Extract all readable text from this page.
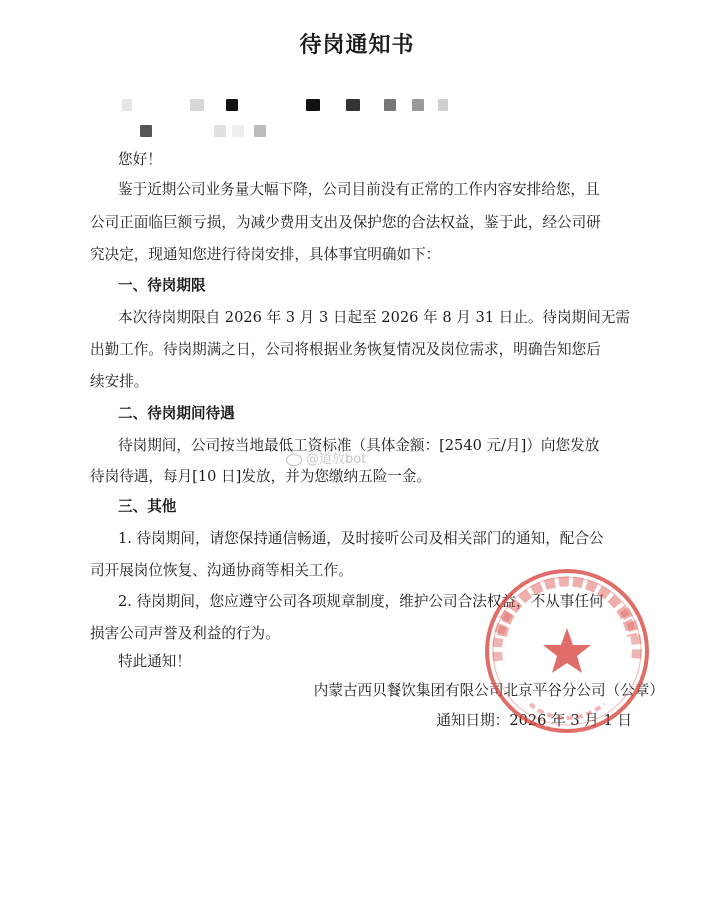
待岗通知书
您好！
鉴于近期公司业务量大幅下降，公司目前没有正常的工作内容安排给您，且
公司正面临巨额亏损，为减少费用支出及保护您的合法权益，鉴于此，经公司研
究决定，现通知您进行待岗安排，具体事宜明确如下：
一、待岗期限
本次待岗期限自 2026 年 3 月 3 日起至 2026 年 8 月 31 日止。待岗期间无需
出勤工作。待岗期满之日，公司将根据业务恢复情况及岗位需求，明确告知您后
续安排。
二、待岗期间待遇
待岗期间，公司按当地最低工资标准（具体金额：[2540 元/月]）向您发放
待岗待遇，每月[10 日]发放，并为您缴纳五险一金。
三、其他
1. 待岗期间，请您保持通信畅通，及时接听公司及相关部门的通知，配合公
司开展岗位恢复、沟通协商等相关工作。
2. 待岗期间，您应遵守公司各项规章制度，维护公司合法权益，不从事任何
损害公司声誉及利益的行为。
特此通知！
内蒙古西贝餐饮集团有限公司北京平谷分公司（公章）
通知日期：2026 年 3 月 1 日
@道放bot
